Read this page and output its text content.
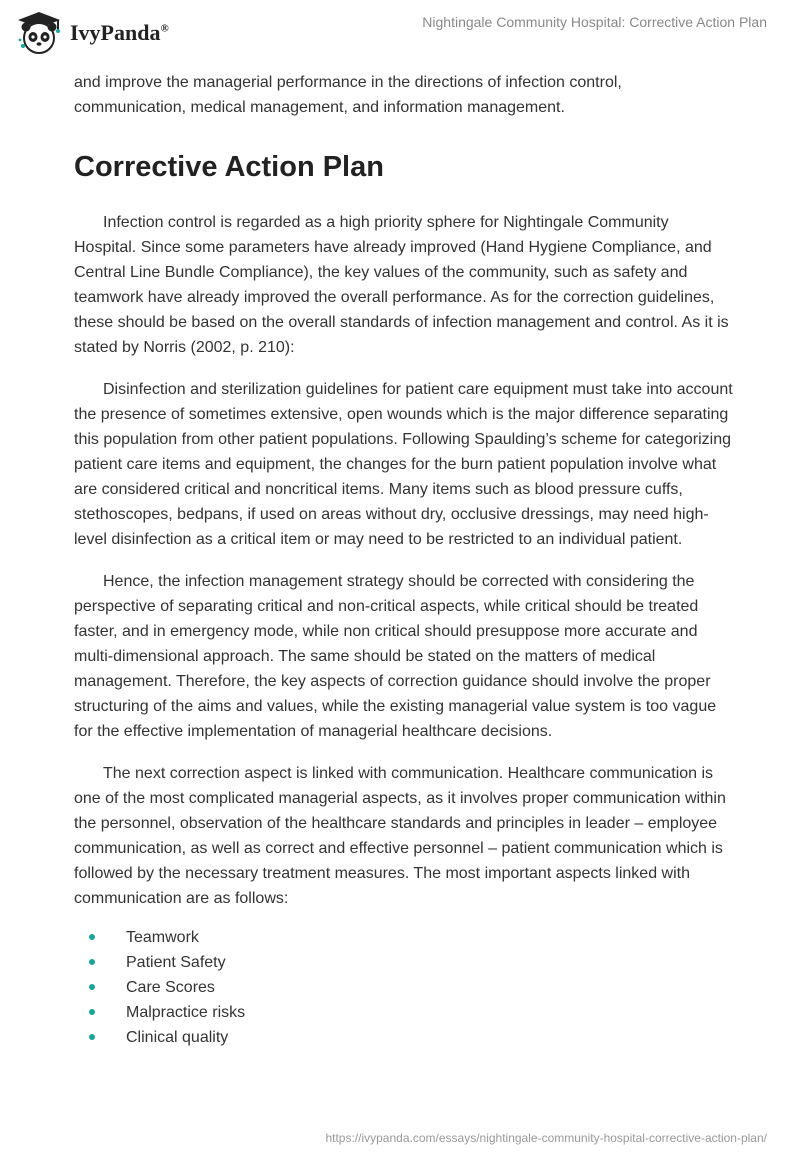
IvyPanda®	Nightingale Community Hospital: Corrective Action Plan

and improve the managerial performance in the directions of infection control, communication, medical management, and information management.

Corrective Action Plan

Infection control is regarded as a high priority sphere for Nightingale Community Hospital. Since some parameters have already improved (Hand Hygiene Compliance, and Central Line Bundle Compliance), the key values of the community, such as safety and teamwork have already improved the overall performance. As for the correction guidelines, these should be based on the overall standards of infection management and control. As it is stated by Norris (2002, p. 210):

Disinfection and sterilization guidelines for patient care equipment must take into account the presence of sometimes extensive, open wounds which is the major difference separating this population from other patient populations. Following Spaulding’s scheme for categorizing patient care items and equipment, the changes for the burn patient population involve what are considered critical and noncritical items. Many items such as blood pressure cuffs, stethoscopes, bedpans, if used on areas without dry, occlusive dressings, may need high-level disinfection as a critical item or may need to be restricted to an individual patient.

Hence, the infection management strategy should be corrected with considering the perspective of separating critical and non-critical aspects, while critical should be treated faster, and in emergency mode, while non critical should presuppose more accurate and multi-dimensional approach. The same should be stated on the matters of medical management. Therefore, the key aspects of correction guidance should involve the proper structuring of the aims and values, while the existing managerial value system is too vague for the effective implementation of managerial healthcare decisions.

The next correction aspect is linked with communication. Healthcare communication is one of the most complicated managerial aspects, as it involves proper communication within the personnel, observation of the healthcare standards and principles in leader – employee communication, as well as correct and effective personnel – patient communication which is followed by the necessary treatment measures. The most important aspects linked with communication are as follows:

Teamwork
Patient Safety
Care Scores
Malpractice risks
Clinical quality
https://ivypanda.com/essays/nightingale-community-hospital-corrective-action-plan/
